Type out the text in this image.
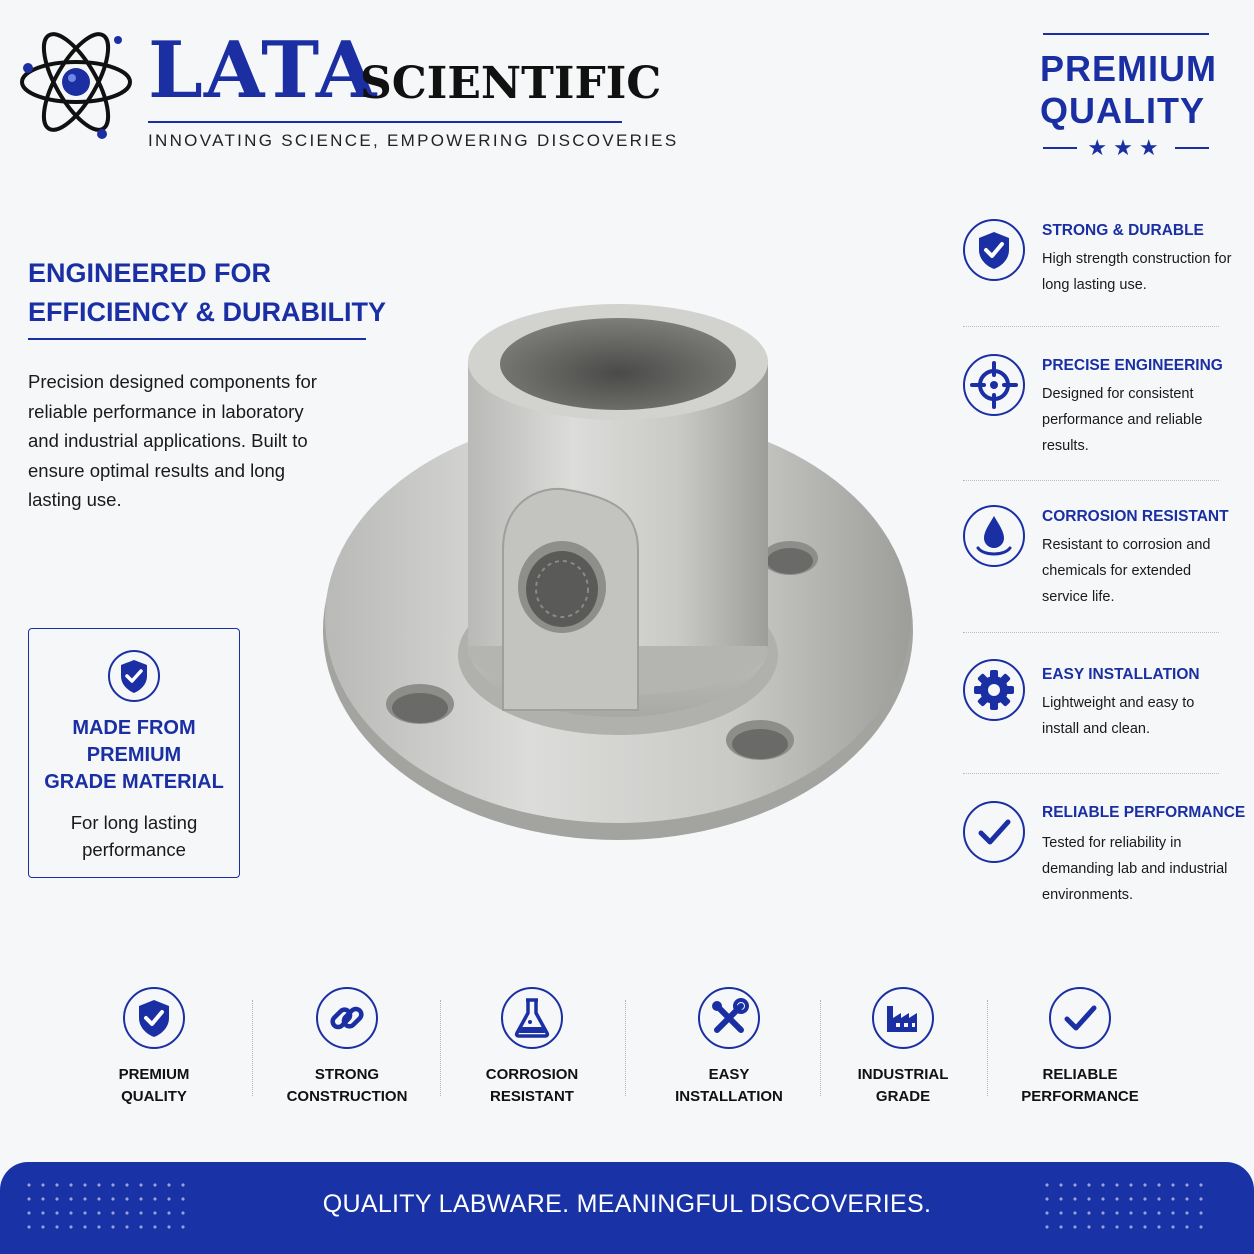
LATA
SCIENTIFIC
INNOVATING SCIENCE, EMPOWERING DISCOVERIES
PREMIUM
QUALITY
★★★
ENGINEERED FOR
EFFICIENCY & DURABILITY
Precision designed components for reliable performance in laboratory and industrial applications. Built to ensure optimal results and long lasting use.
MADE FROM
PREMIUM
GRADE MATERIAL
For long lasting
performance
STRONG & DURABLE
High strength construction for long lasting use.
PRECISE ENGINEERING
Designed for consistent performance and reliable results.
CORROSION RESISTANT
Resistant to corrosion and chemicals for extended service life.
EASY INSTALLATION
Lightweight and easy to install and clean.
RELIABLE PERFORMANCE
Tested for reliability in demanding lab and industrial environments.
PREMIUM
QUALITY
STRONG
CONSTRUCTION
CORROSION
RESISTANT
EASY
INSTALLATION
INDUSTRIAL
GRADE
RELIABLE
PERFORMANCE
QUALITY LABWARE. MEANINGFUL DISCOVERIES.
